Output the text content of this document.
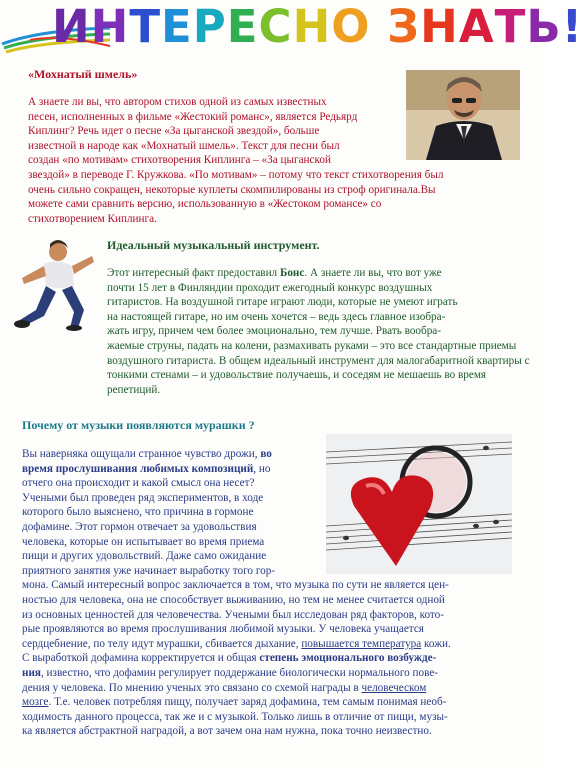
ИНТЕРЕСНО ЗНАТЬ!
«Мохнатый шмель»
А знаете ли вы, что автором стихов одной из самых известных
песен, исполненных в фильме «Жестокий романс», является Редьярд
Киплинг? Речь идет о песне «За цыганской звездой», больше
известной в народе как «Мохнатый шмель». Текст для песни был
создан «по мотивам» стихотворения Киплинга – «За цыганской
звездой» в переводе Г. Кружкова. «По мотивам» – потому что текст стихотворения был
очень сильно сокращен, некоторые куплеты скомпилированы из строф оригинала.Вы
можете сами сравнить версию, использованную в «Жестоком романсе» со
стихотворением Киплинга.
Идеальный музыкальный инструмент.
Этот интересный факт предоставил Бонс. А знаете ли вы, что вот уже
почти 15 лет в Финляндии проходит ежегодный конкурс воздушных
гитаристов. На воздушной гитаре играют люди, которые не умеют играть
на настоящей гитаре, но им очень хочется – ведь здесь главное изобра-
жать игру, причем чем более эмоционально, тем лучше. Рвать вообра-
жаемые струны, падать на колени, размахивать руками – это все стандартные приемы
воздушного гитариста. В общем идеальный инструмент для малогабаритной квартиры с
тонкими стенами – и удовольствие получаешь, и соседям не мешаешь во время
репетиций.
Почему от музыки появляются мурашки ?
Вы наверняка ощущали странное чувство дрожи, во
время прослушивания любимых композиций, но
отчего она происходит и какой смысл она несет?
Учеными был проведен ряд экспериментов, в ходе
которого было выяснено, что причина в гормоне
дофамине. Этот гормон отвечает за удовольствия
человека, которые он испытывает во время приема
пищи и других удовольствий. Даже само ожидание
приятного занятия уже начинает выработку того гор-
мона. Самый интересный вопрос заключается в том, что музыка по сути не является цен-
ностью для человека, она не способствует выживанию, но тем не менее считается одной
из основных ценностей для человечества. Учеными был исследован ряд факторов, кото-
рые проявляются во время прослушивания любимой музыки. У человека учащается
сердцебиение, по телу идут мурашки, сбивается дыхание, повышается температура кожи.
С выработкой дофамина корректируется и общая степень эмоционального возбужде-
ния, известно, что дофамин регулирует поддержание биологически нормального пове-
дения у человека. По мнению ученых это связано со схемой награды в человеческом
мозге. Т.е. человек потребляя пищу, получает заряд дофамина, тем самым понимая необ-
ходимость данного процесса, так же и с музыкой. Только лишь в отличие от пищи, музы-
ка является абстрактной наградой, а вот зачем она нам нужна, пока точно неизвестно.
